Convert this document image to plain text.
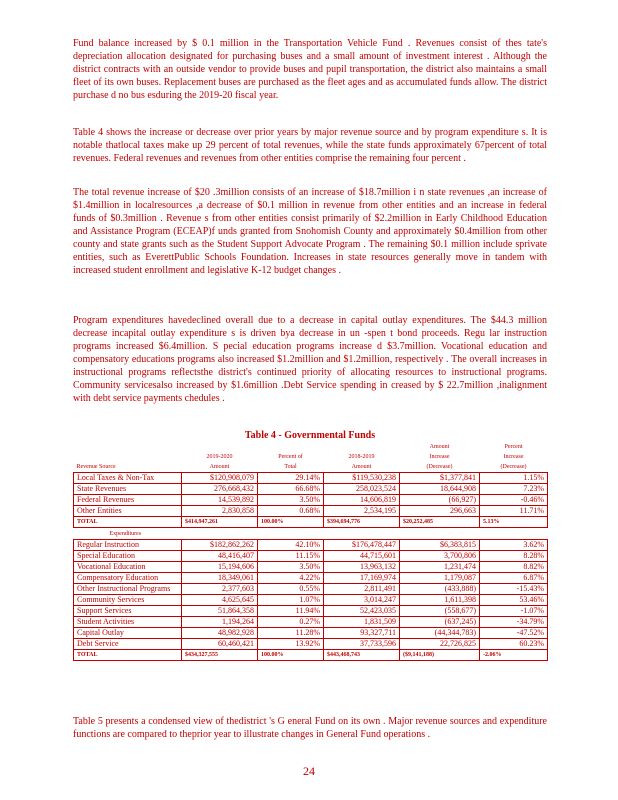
Fund balance increased by $ 0.1 million in the Transportation Vehicle Fund . Revenues consist of thes tate's depreciation allocation designated for purchasing buses and a small amount of investment interest . Although the district contracts with an outside vendor to provide buses and pupil transportation, the district also maintains a small fleet of its own buses. Replacement buses are purchased as the fleet ages and as accumulated funds allow. The district purchase d no bus esduring the 2019-20 fiscal year.

Table 4 shows the increase or decrease over prior years by major revenue source and by program expenditure s. It is notable thatlocal taxes make up 29 percent of total revenues, while the state funds approximately 67percent of total revenues. Federal revenues and revenues from other entities comprise the remaining four percent .

The total revenue increase of $20 .3million consists of an increase of $18.7million i n state revenues ,an increase of $1.4million in localresources ,a decrease of $0.1 million in revenue from other entities and an increase in federal funds of $0.3million . Revenue s from other entities consist primarily of $2.2million in Early Childhood Education and Assistance Program (ECEAP)f unds granted from Snohomish County and approximately $0.4million from other county and state grants such as the Student Support Advocate Program . The remaining $0.1 million include sprivate entities, such as EverettPublic Schools Foundation. Increases in state resources generally move in tandem with increased student enrollment and legislative K-12 budget changes .

Program expenditures havedeclined overall due to a decrease in capital outlay expenditures. The $44.3 million decrease incapital outlay expenditure s is driven bya decrease in un -spen t bond proceeds. Regu lar instruction programs increased $6.4million. S pecial education programs increase d $3.7million. Vocational education and compensatory educations programs also increased $1.2million and $1.2million, respectively . The overall increases in instructional programs reflectsthe district's continued priority of allocating resources to instructional programs. Community servicesalso increased by $1.6million .Debt Service spending in creased by $ 22.7million ,inalignment with debt service payments chedules .

Table 4 - Governmental Funds
				Amount	Percent
	2019-2020	Percent of	2018-2019	Increase	Increase
Revenue Source	Amount	Total	Amount	(Decrease)	(Decrease)
Local Taxes & Non-Tax	$120,908,079	29.14%	$119,530,238	$1,377,841	1.15%
State Revenues	276,668,432	66.68%	258,023,524	18,644,908	7.23%
Federal Revenues	14,539,892	3.50%	14,606,819	(66,927)	-0.46%
Other Entities	2,830,858	0.68%	2,534,195	296,663	11.71%
TOTAL	$414,947,261	100.00%	$394,694,776	$20,252,485	5.13%
Expenditures					
Regular Instruction	$182,862,262	42.10%	$176,478,447	$6,383,815	3.62%
Special Education	48,416,407	11.15%	44,715,601	3,700,806	8.28%
Vocational Education	15,194,606	3.50%	13,963,132	1,231,474	8.82%
Compensatory Education	18,349,061	4.22%	17,169,974	1,179,087	6.87%
Other Instructional Programs	2,377,603	0.55%	2,811,491	(433,888)	-15.43%
Community Services	4,625,645	1.07%	3,014,247	1,611,398	53.46%
Support Services	51,864,358	11.94%	52,423,035	(558,677)	-1.07%
Student Activities	1,194,264	0.27%	1,831,509	(637,245)	-34.79%
Capital Outlay	48,982,928	11.28%	93,327,711	(44,344,783)	-47.52%
Debt Service	60,460,421	13.92%	37,733,596	22,726,825	60.23%
TOTAL	$434,327,555	100.00%	$443,468,743	($9,141,188)	-2.06%

Table 5 presents a condensed view of thedistrict 's G eneral Fund on its own . Major revenue sources and expenditure functions are compared to theprior year to illustrate changes in General Fund operations .

24
